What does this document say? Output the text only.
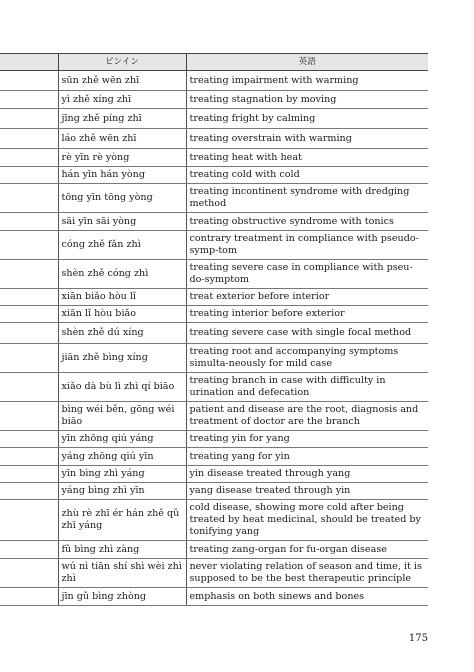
	ピンイン	英語
	sūn zhě wēn zhī	treating impairment with warming
	yì zhě xíng zhī	treating stagnation by moving
	jīng zhě píng zhī	treating fright by calming
	láo zhě wēn zhī	treating overstrain with warming
	rè yīn rè yòng	treating heat with heat
	hán yīn hán yòng	treating cold with cold
	tōng yīn tōng yòng	treating incontinent syndrome with dredging method
	sāi yīn sāi yòng	treating obstructive syndrome with tonics
	cóng zhě fǎn zhì	contrary treatment in compliance with pseudo-symp-tom
	shèn zhě cóng zhì	treating severe case in compliance with pseu-do-symptom
	xiān biǎo hòu lǐ	treat exterior before interior
	xiān lǐ hòu biǎo	treating interior before exterior
	shèn zhě dú xíng	treating severe case with single focal method
	jiān zhě bìng xíng	treating root and accompanying symptoms simulta-neously for mild case
	xiǎo dà bù lì zhì qí biāo	treating branch in case with difficulty in urination and defecation
	bìng wéi běn, gōng wéi biāo	patient and disease are the root, diagnosis and treatment of doctor are the branch
	yīn zhōng qiú yáng	treating yin for yang
	yáng zhōng qiú yīn	treating yang for yin
	yīn bìng zhì yáng	yin disease treated through yang
	yáng bìng zhì yīn	yang disease treated through yin
	zhù rè zhī ér hán zhě qǔ zhī yáng	cold disease, showing more cold after being treated by heat medicinal, should be treated by tonifying yang
	fǔ bìng zhì zàng	treating zang-organ for fu-organ disease
	wú nì tiān shí shì wèi zhì zhì	never violating relation of season and time, it is supposed to be the best therapeutic principle
	jīn gǔ bìng zhòng	emphasis on both sinews and bones
175
